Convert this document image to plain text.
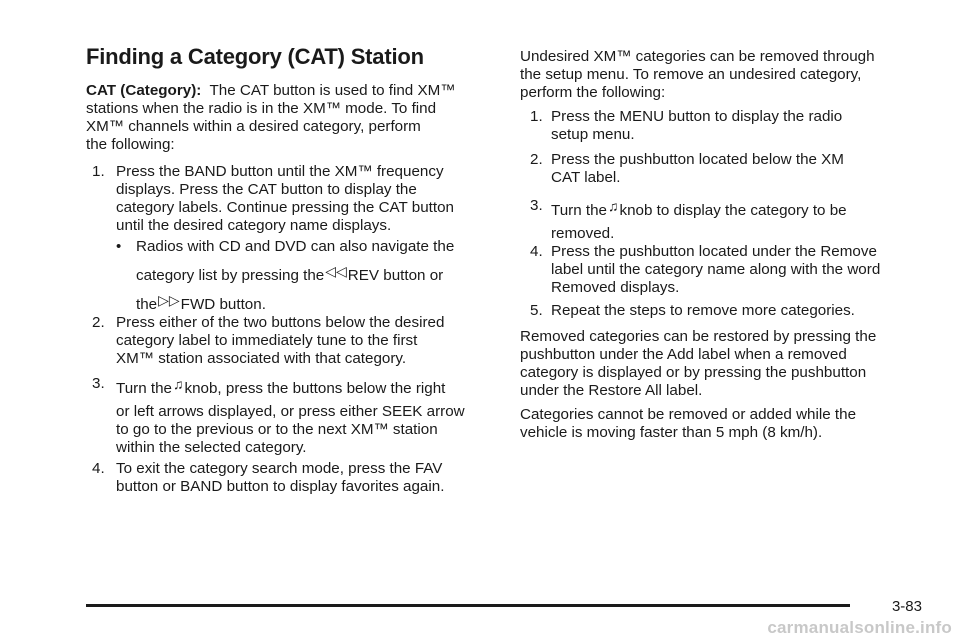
Finding a Category (CAT) Station
CAT (Category): The CAT button is used to find XM™
stations when the radio is in the XM™ mode. To find
XM™ channels within a desired category, perform
the following:
1. Press the BAND button until the XM™ frequency
displays. Press the CAT button to display the
category labels. Continue pressing the CAT button
until the desired category name displays.
• Radios with CD and DVD can also navigate the
category list by pressing the◁◁REV button or
the▷▷FWD button.
2. Press either of the two buttons below the desired
category label to immediately tune to the first
XM™ station associated with that category.
3. Turn the♫knob, press the buttons below the right
or left arrows displayed, or press either SEEK arrow
to go to the previous or to the next XM™ station
within the selected category.
4. To exit the category search mode, press the FAV
button or BAND button to display favorites again.
Undesired XM™ categories can be removed through
the setup menu. To remove an undesired category,
perform the following:
1. Press the MENU button to display the radio
setup menu.
2. Press the pushbutton located below the XM
CAT label.
3. Turn the♫knob to display the category to be
removed.
4. Press the pushbutton located under the Remove
label until the category name along with the word
Removed displays.
5. Repeat the steps to remove more categories.
Removed categories can be restored by pressing the
pushbutton under the Add label when a removed
category is displayed or by pressing the pushbutton
under the Restore All label.
Categories cannot be removed or added while the
vehicle is moving faster than 5 mph (8 km/h).
3-83
carmanualsonline.info
